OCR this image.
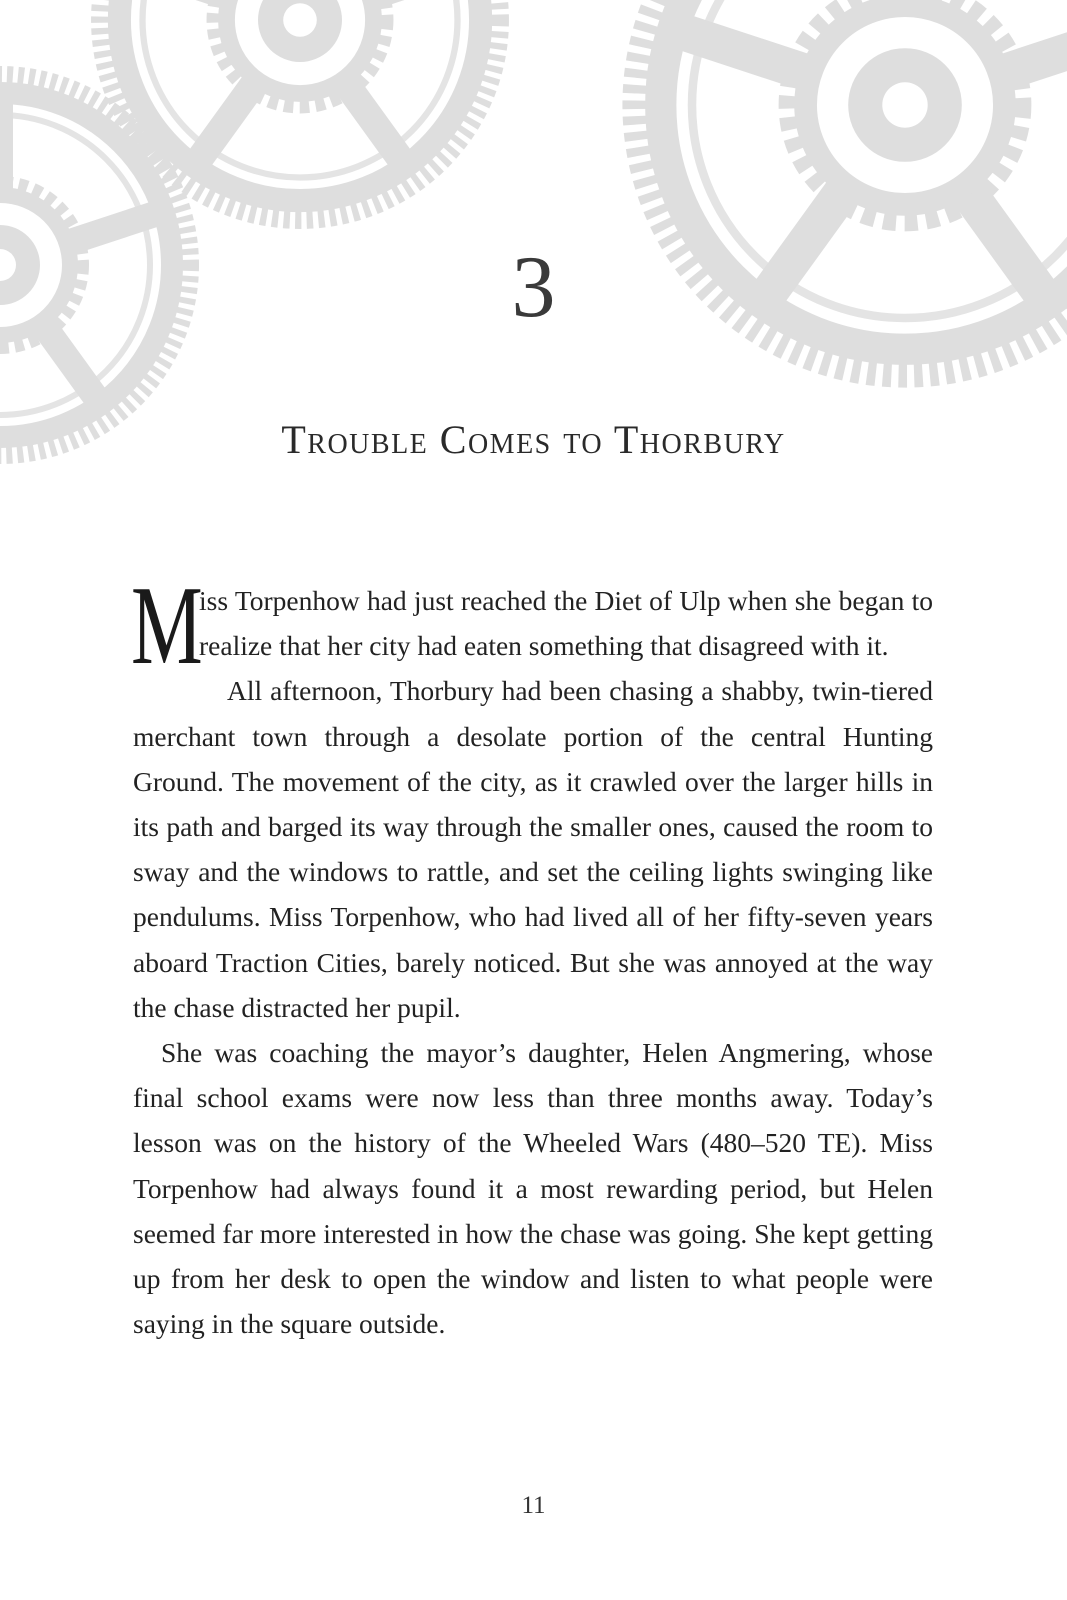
3
Trouble Comes to Thorbury

M
iss Torpenhow had just reached the Diet of Ulp when she began to realize that her city had eaten something that disagreed with it.

All afternoon, Thorbury had been chasing a shabby, twin-tiered merchant town through a desolate portion of the central Hunting Ground. The movement of the city, as it crawled over the larger hills in its path and barged its way through the smaller ones, caused the room to sway and the windows to rattle, and set the ceiling lights swinging like pendulums. Miss Torpenhow, who had lived all of her fifty-seven years aboard Traction Cities, barely noticed. But she was annoyed at the way the chase distracted her pupil.

She was coaching the mayor’s daughter, Helen Angmering, whose final school exams were now less than three months away. Today’s lesson was on the history of the Wheeled Wars (480–520 TE). Miss Torpenhow had always found it a most rewarding period, but Helen seemed far more interested in how the chase was going. She kept getting up from her desk to open the window and listen to what people were saying in the square outside.

11
